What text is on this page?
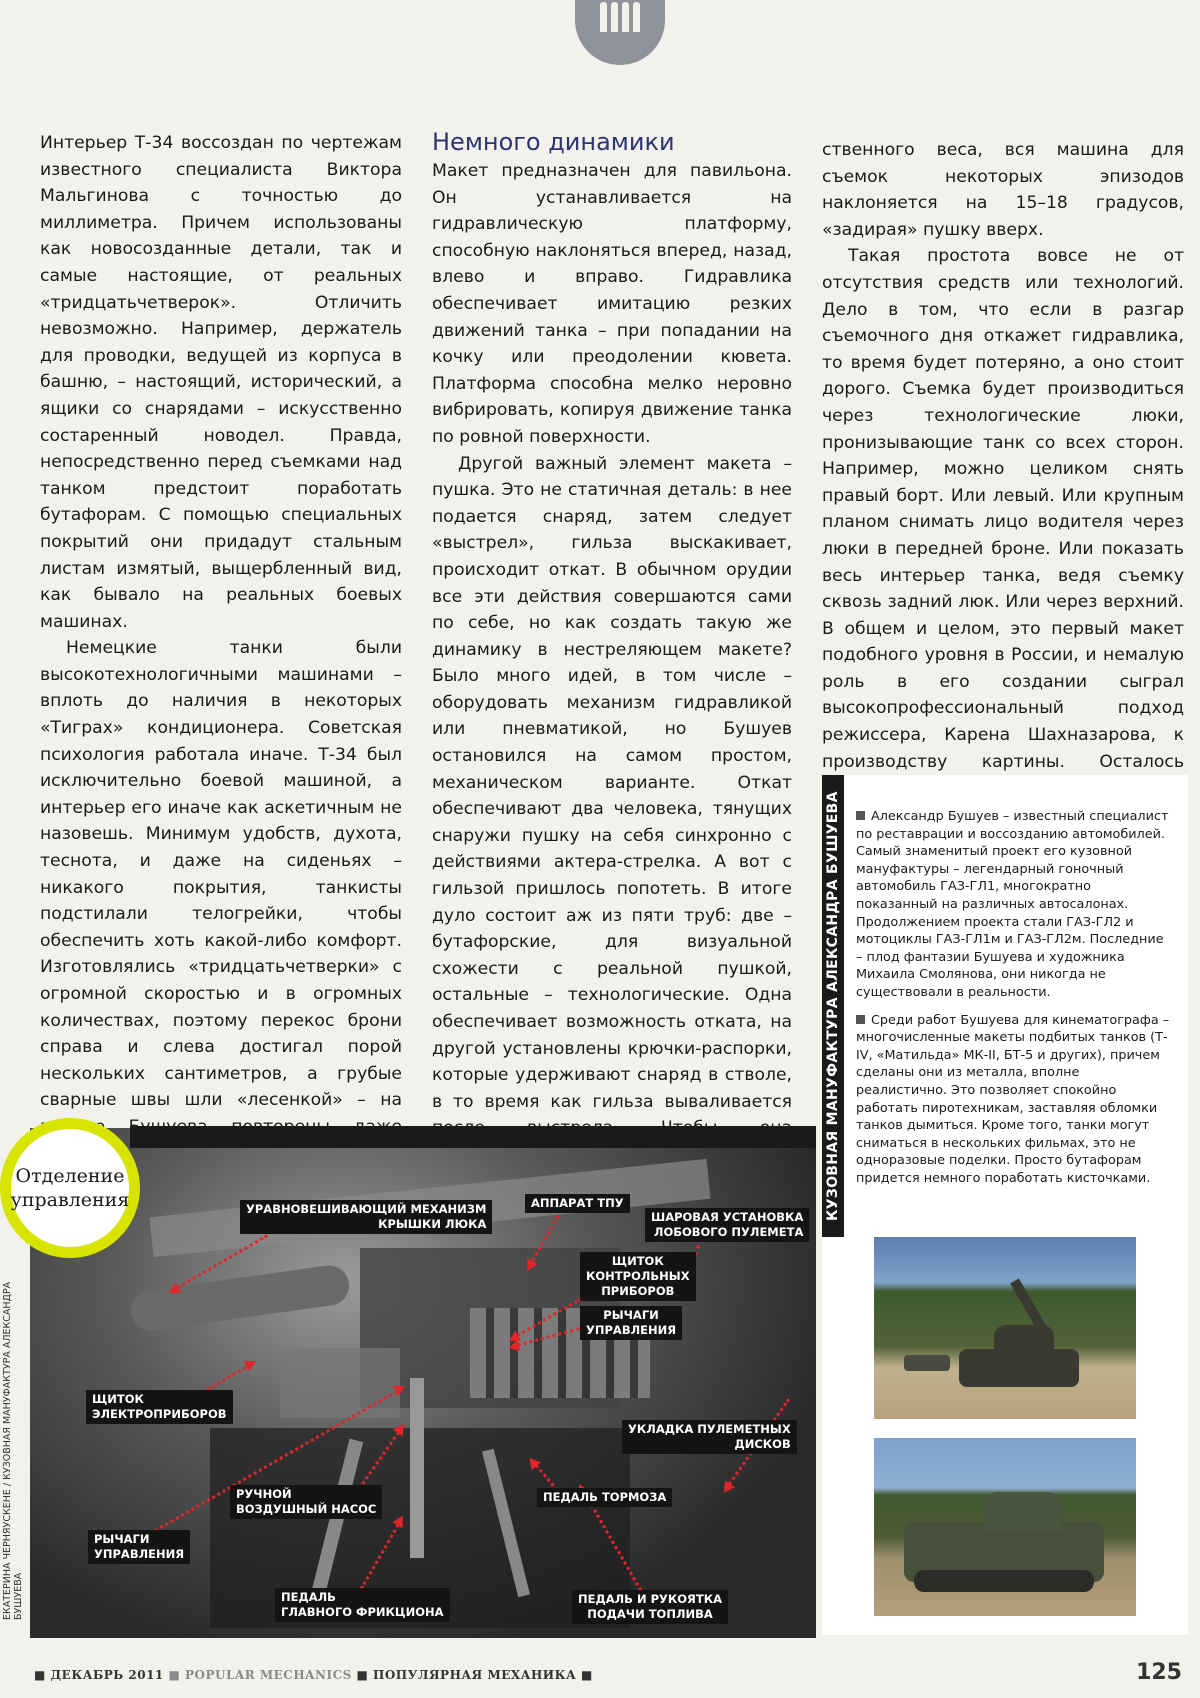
Интерьер Т-34 воссоздан по чертежам известного специалиста Виктора Мальгинова с точностью до миллиметра. Причем использованы как новосозданные детали, так и самые настоящие, от реальных «тридцатьчетверок». Отличить невозможно. Например, держатель для проводки, ведущей из корпуса в башню, – настоящий, исторический, а ящики со снарядами – искусственно состаренный новодел. Правда, непосредственно перед съемками над танком предстоит поработать бутафорам. С помощью специальных покрытий они придадут стальным листам измятый, выщербленный вид, как бывало на реальных боевых машинах.

Немецкие танки были высокотехнологичными машинами – вплоть до наличия в некоторых «Тиграх» кондиционера. Советская психология работала иначе. Т-34 был исключительно боевой машиной, а интерьер его иначе как аскетичным не назовешь. Минимум удобств, духота, теснота, и даже на сиденьях – никакого покрытия, танкисты подстилали телогрейки, чтобы обеспечить хоть какой-либо комфорт. Изготовлялись «тридцатьчетверки» с огромной скоростью и в огромных количествах, поэтому перекос брони справа и слева достигал порой нескольких сантиметров, а грубые сварные швы шли «лесенкой» – на

Немного динамики

Макет предназначен для павильона. Он устанавливается на гидравлическую платформу, способную наклоняться вперед, назад, влево и вправо. Гидравлика обеспечивает имитацию резких движений танка – при попадании на кочку или преодолении кювета. Платформа способна мелко неровно вибрировать, копируя движение танка по ровной поверхности.

Другой важный элемент макета – пушка. Это не статичная деталь: в нее подается снаряд, затем следует «выстрел», гильза выскакивает, происходит откат. В обычном орудии все эти действия совершаются сами по себе, но как создать такую же динамику в нестреляющем макете? Было много идей, в том числе – оборудовать механизм гидравликой или пневматикой, но Бушуев остановился на самом простом, механическом варианте. Откат обеспечивают два человека, тянущих снаружи пушку на себя синхронно с действиями актера-стрелка. А вот с гильзой пришлось попотеть. В итоге дуло состоит аж из пяти труб: две – бутафорские, для визуальной схожести с реальной пушкой, остальные – технологические. Одна обеспечивает возможность отката, на другой установлены крючки-распорки, которые удерживают снаряд в стволе, в то время как гильза вываливается

ственного веса, вся машина для съемок некоторых эпизодов наклоняется на 15–18 градусов, «задирая» пушку вверх.

Такая простота вовсе не от отсутствия средств или технологий. Дело в том, что если в разгар съемочного дня откажет гидравлика, то время будет потеряно, а оно стоит дорого. Съемка будет производиться через технологические люки, пронизывающие танк со всех сторон. Например, можно целиком снять правый борт. Или левый. Или крупным планом снимать лицо водителя через люки в передней броне. Или показать весь интерьер танка, ведя съемку сквозь задний люк. Или через верхний. В общем и целом, это первый макет подобного уровня в России, и немалую роль в его создании сыграл высокопрофессиональный подход режиссера, Карена Шахназарова, к производству картины. Осталось

КУЗОВНАЯ МАНУФАКТУРА АЛЕКСАНДРА БУШУЕВА	Александр Бушуев – известный специалист по реставрации и воссозданию автомобилей. Самый знаменитый проект его кузовной мануфактуры – легендарный гоночный автомобиль ГАЗ-ГЛ1, многократно показанный на различных автосалонах. Продолжением проекта стали ГАЗ-ГЛ2 и мотоциклы ГАЗ-ГЛ1м и ГАЗ-ГЛ2м. Последние – плод фантазии Бушуева и художника Михаила Смолянова, они никогда не существовали в реальности.

Среди работ Бушуева для кинематографа – многочисленные макеты подбитых танков (Т-IV, «Матильда» МК-II, БТ-5 и других), причем сделаны они из металла, вполне реалистично. Это позволяет спокойно работать пиротехникам, заставляя обломки танков дымиться. Кроме того, танки могут сниматься в нескольких фильмах, это не одноразовые поделки. Просто бутафорам придется немного поработать кисточками.

Отделение
управления	УРАВНОВЕШИВАЮЩИЙ МЕХАНИЗМ
КРЫШКИ ЛЮКА
АППАРАТ ТПУ
ШАРОВАЯ УСТАНОВКА
ЛОБОВОГО ПУЛЕМЕТА
ЩИТОК
КОНТРОЛЬНЫХ
ПРИБОРОВ
РЫЧАГИ
УПРАВЛЕНИЯ
ЩИТОК
ЭЛЕКТРОПРИБОРОВ
УКЛАДКА ПУЛЕМЕТНЫХ
ДИСКОВ
РУЧНОЙ
ВОЗДУШНЫЙ НАСОС
ПЕДАЛЬ ТОРМОЗА
РЫЧАГИ
УПРАВЛЕНИЯ
ПЕДАЛЬ
ГЛАВНОГО ФРИКЦИОНА
ПЕДАЛЬ И РУКОЯТКА
ПОДАЧИ ТОПЛИВА
ЕКАТЕРИНА ЧЕРНЯУСКЕНЕ / КУЗОВНАЯ МАНУФАКТУРА АЛЕКСАНДРА БУШУЕВА
■ ДЕКАБРЬ 2011 ■ POPULAR MECHANICS ■ ПОПУЛЯРНАЯ МЕХАНИКА ■	125
